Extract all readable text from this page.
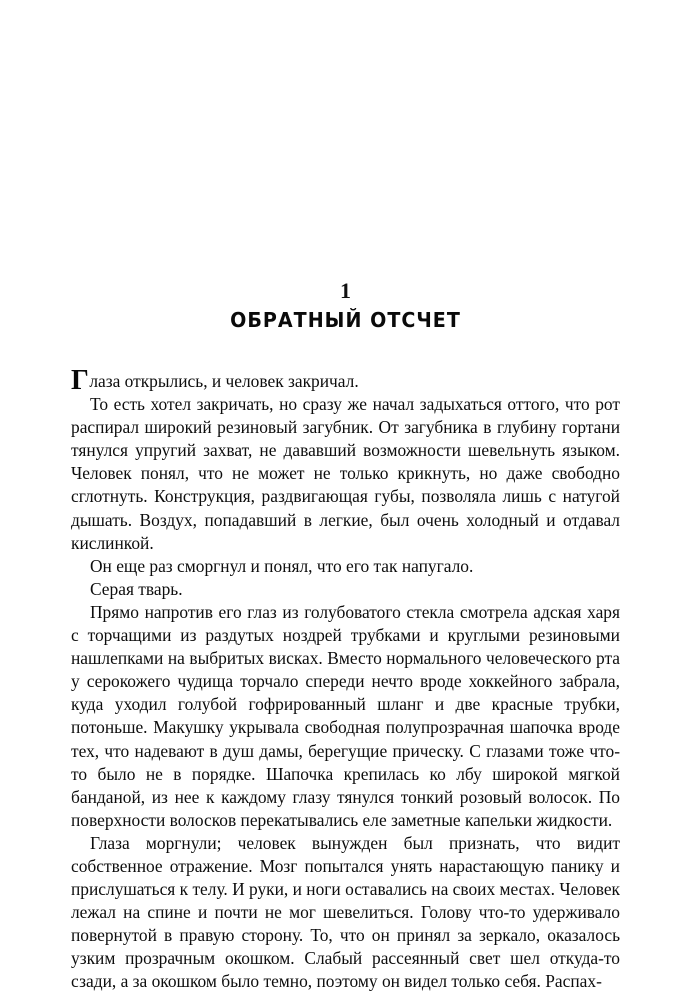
1
ОБРАТНЫЙ ОТСЧЕТ

Глаза открылись, и человек закричал.

То есть хотел закричать, но сразу же начал задыхаться оттого, что рот распирал широкий резиновый загубник. От загубника в глубину гортани тянулся упругий захват, не дававший возможности шевельнуть языком. Человек понял, что не может не только крикнуть, но даже свободно сглотнуть. Конструкция, раздвигающая губы, позволяла лишь с натугой дышать. Воздух, попадавший в легкие, был очень холодный и отдавал кислинкой.

Он еще раз сморгнул и понял, что его так напугало.

Серая тварь.

Прямо напротив его глаз из голубоватого стекла смотрела адская харя с торчащими из раздутых ноздрей трубками и круглыми резиновыми нашлепками на выбритых висках. Вместо нормального человеческого рта у серокожего чудища торчало спереди нечто вроде хоккейного забрала, куда уходил голубой гофрированный шланг и две красные трубки, потоньше. Макушку укрывала свободная полупрозрачная шапочка вроде тех, что надевают в душ дамы, берегущие прическу. С глазами тоже что-то было не в порядке. Шапочка крепилась ко лбу широкой мягкой банданой, из нее к каждому глазу тянулся тонкий розовый волосок. По поверхности волосков перекатывались еле заметные капельки жидкости.

Глаза моргнули; человек вынужден был признать, что видит собственное отражение. Мозг попытался унять нарастающую панику и прислушаться к телу. И руки, и ноги оставались на своих местах. Человек лежал на спине и почти не мог шевелиться. Голову что-то удерживало повернутой в правую сторону. То, что он принял за зеркало, оказалось узким прозрачным окошком. Слабый рассеянный свет шел откуда-то сзади, а за окошком было темно, поэтому он видел только себя. Распах-
